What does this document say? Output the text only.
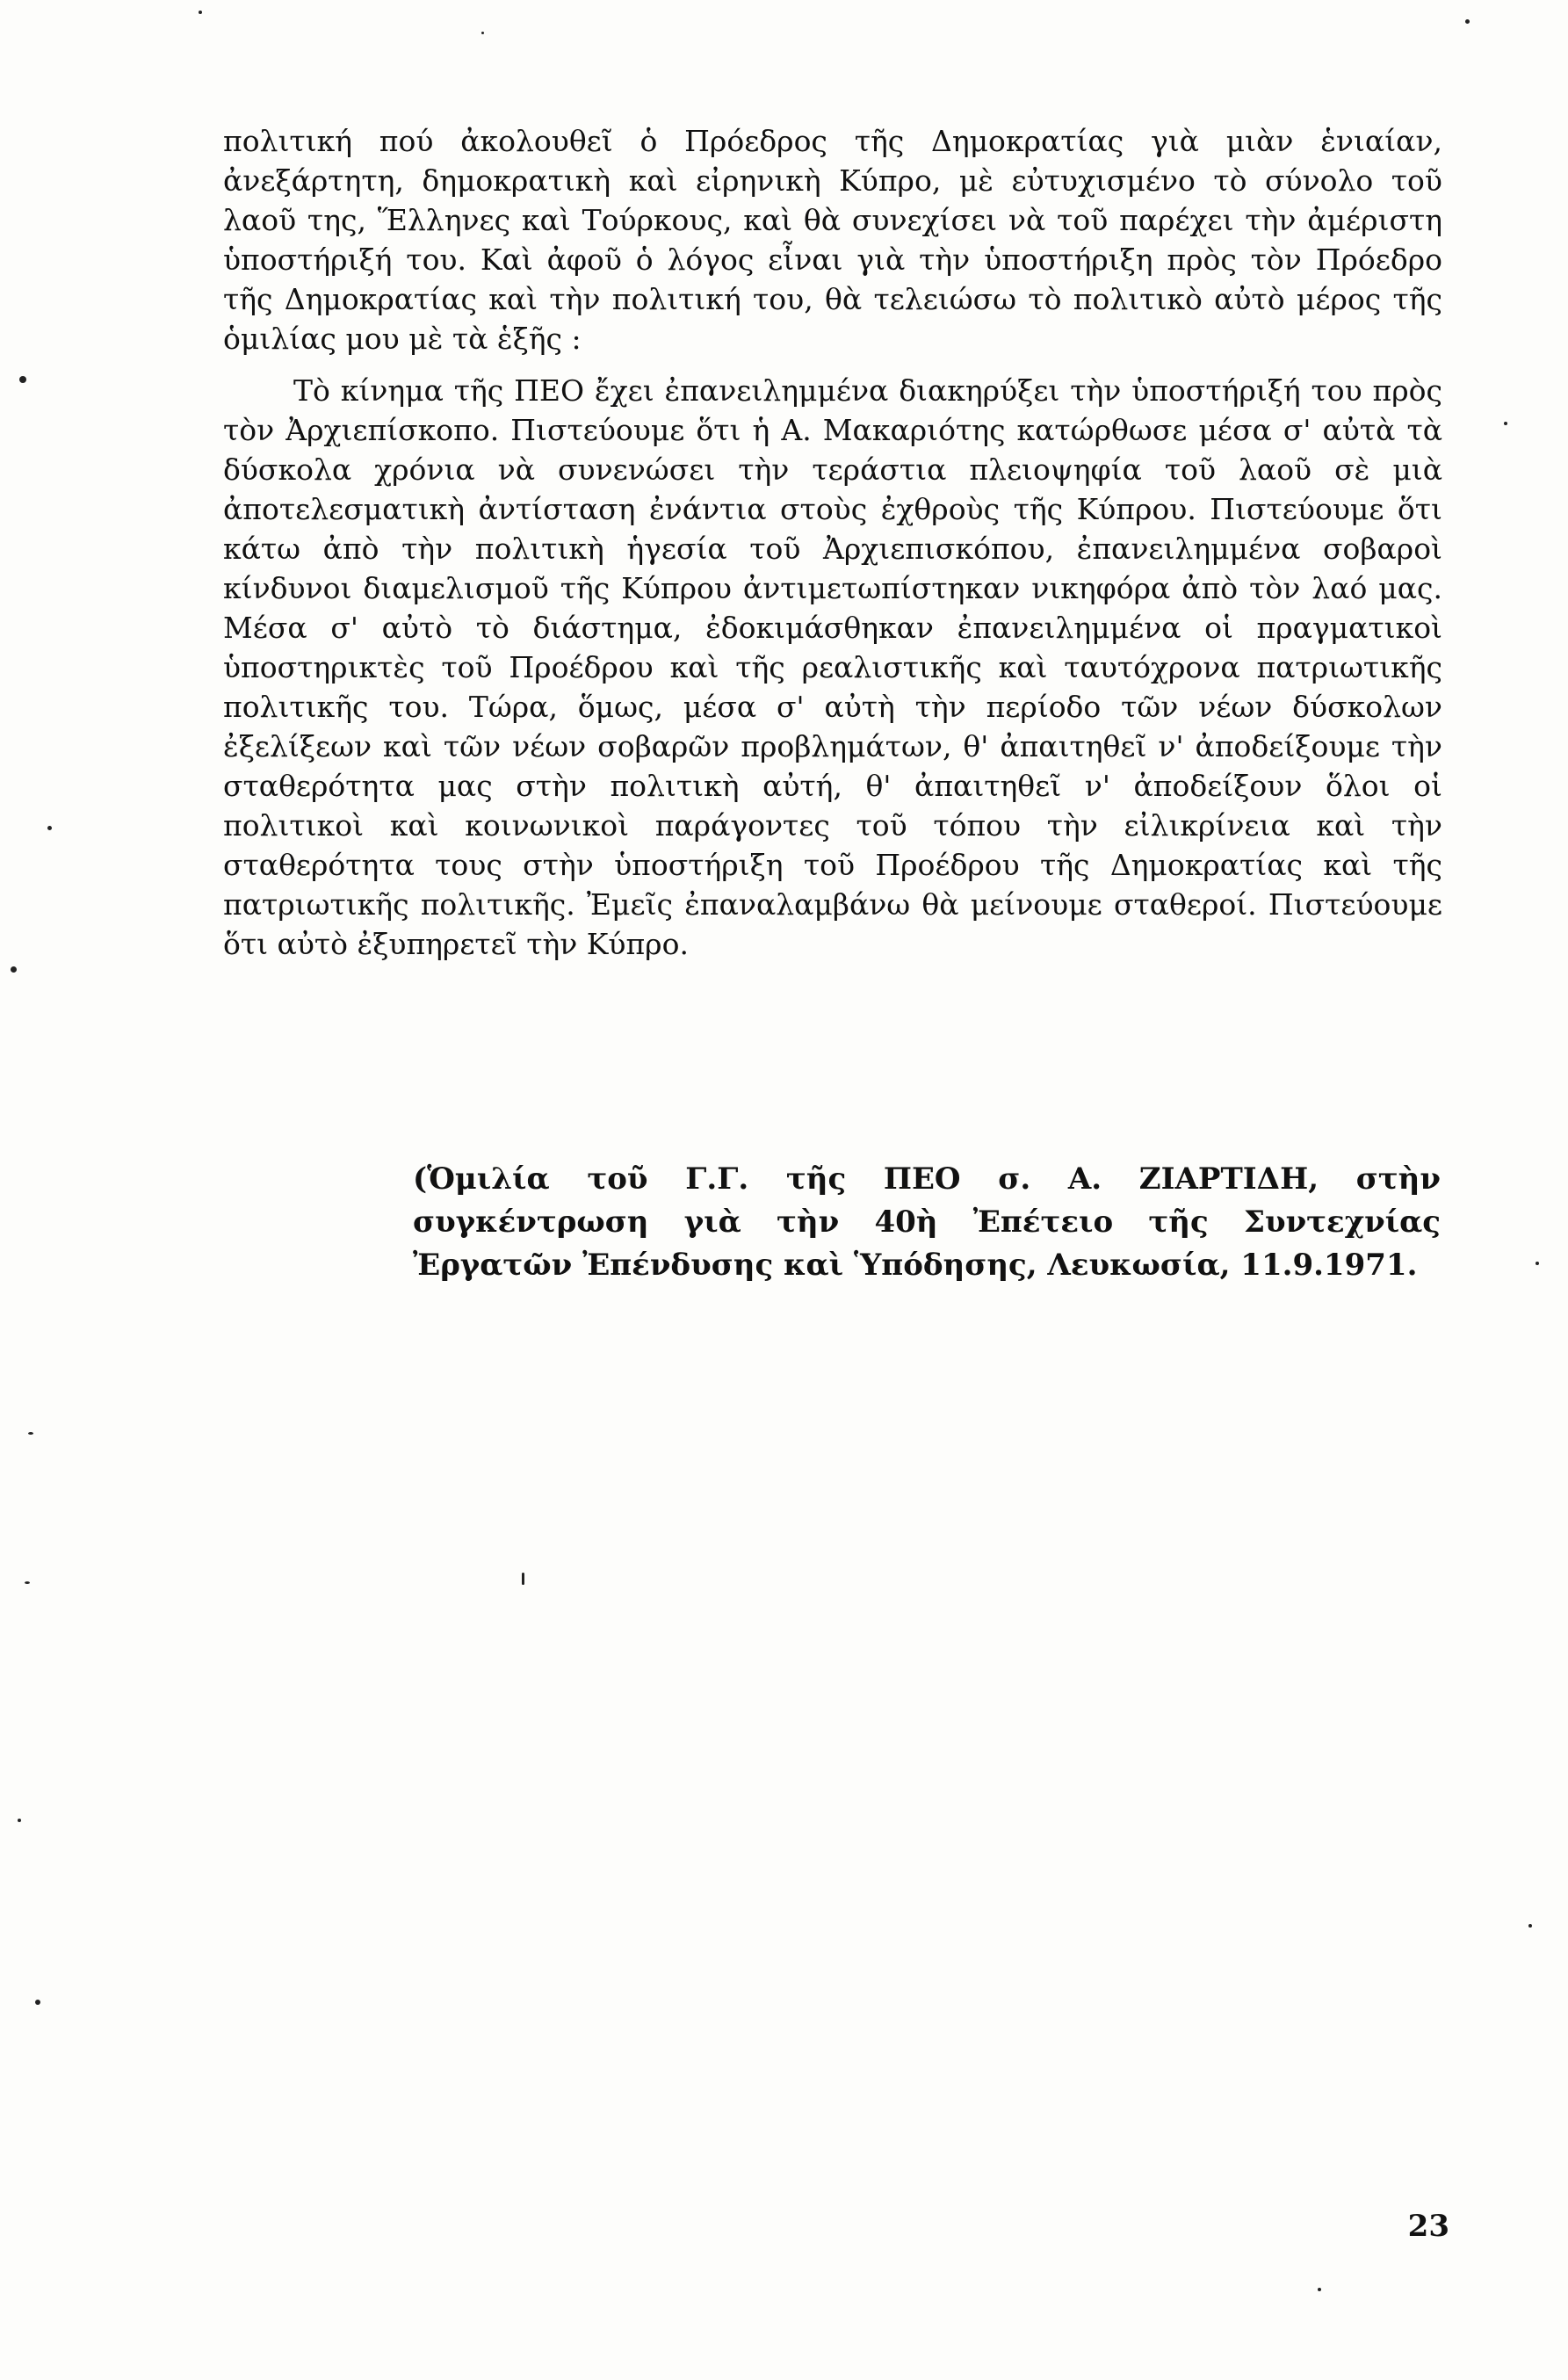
πολιτική πού ἀκολουθεῖ ὁ Πρόεδρος τῆς Δημοκρατίας γιὰ μιὰν ἑνιαίαν, ἀνεξάρτητη, δημοκρατικὴ καὶ εἰρηνικὴ Κύπρο, μὲ εὐτυχισμένο τὸ σύνολο τοῦ λαοῦ της, Ἕλληνες καὶ Τούρκους, καὶ θὰ συνεχίσει νὰ τοῦ παρέχει τὴν ἀμέριστη ὑποστήριξή του. Καὶ ἀφοῦ ὁ λόγος εἶναι γιὰ τὴν ὑποστήριξη πρὸς τὸν Πρόεδρο τῆς Δημοκρατίας καὶ τὴν πολιτική του, θὰ τελειώσω τὸ πολιτικὸ αὐτὸ μέρος τῆς ὁμιλίας μου μὲ τὰ ἑξῆς :

Τὸ κίνημα τῆς ΠΕΟ ἔχει ἐπανειλημμένα διακηρύξει τὴν ὑποστήριξή του πρὸς τὸν Ἀρχιεπίσκοπο. Πιστεύουμε ὅτι ἡ Α. Μακαριότης κατώρθωσε μέσα σ' αὐτὰ τὰ δύσκολα χρόνια νὰ συνενώσει τὴν τεράστια πλειοψηφία τοῦ λαοῦ σὲ μιὰ ἀποτελεσματικὴ ἀντίσταση ἐνάντια στοὺς ἐχθροὺς τῆς Κύπρου. Πιστεύουμε ὅτι κάτω ἀπὸ τὴν πολιτικὴ ἡγεσία τοῦ Ἀρχιεπισκόπου, ἐπανειλημμένα σοβαροὶ κίνδυνοι διαμελισμοῦ τῆς Κύπρου ἀντιμετωπίστηκαν νικηφόρα ἀπὸ τὸν λαό μας. Μέσα σ' αὐτὸ τὸ διάστημα, ἐδοκιμάσθηκαν ἐπανειλημμένα οἱ πραγματικοὶ ὑποστηρικτὲς τοῦ Προέδρου καὶ τῆς ρεαλιστικῆς καὶ ταυτόχρονα πατριωτικῆς πολιτικῆς του. Τώρα, ὅμως, μέσα σ' αὐτὴ τὴν περίοδο τῶν νέων δύσκολων ἐξελίξεων καὶ τῶν νέων σοβαρῶν προβλημάτων, θ' ἀπαιτηθεῖ ν' ἀποδείξουμε τὴν σταθερότητα μας στὴν πολιτικὴ αὐτή, θ' ἀπαιτηθεῖ ν' ἀποδείξουν ὅλοι οἱ πολιτικοὶ καὶ κοινωνικοὶ παράγοντες τοῦ τόπου τὴν εἰλικρίνεια καὶ τὴν σταθερότητα τους στὴν ὑποστήριξη τοῦ Προέδρου τῆς Δημοκρατίας καὶ τῆς πατριωτικῆς πολιτικῆς. Ἐμεῖς ἐπαναλαμβάνω θὰ μείνουμε σταθεροί. Πιστεύουμε ὅτι αὐτὸ ἐξυπηρετεῖ τὴν Κύπρο.

(Ὁμιλία τοῦ Γ.Γ. τῆς ΠΕΟ σ. Α. ΖΙΑΡΤΙΔΗ, στὴν συγκέντρωση γιὰ τὴν 40ὴ Ἐπέτειο τῆς Συντεχνίας Ἐργατῶν Ἐπένδυσης καὶ Ὑπόδησης, Λευκωσία, 11.9.1971.

23
